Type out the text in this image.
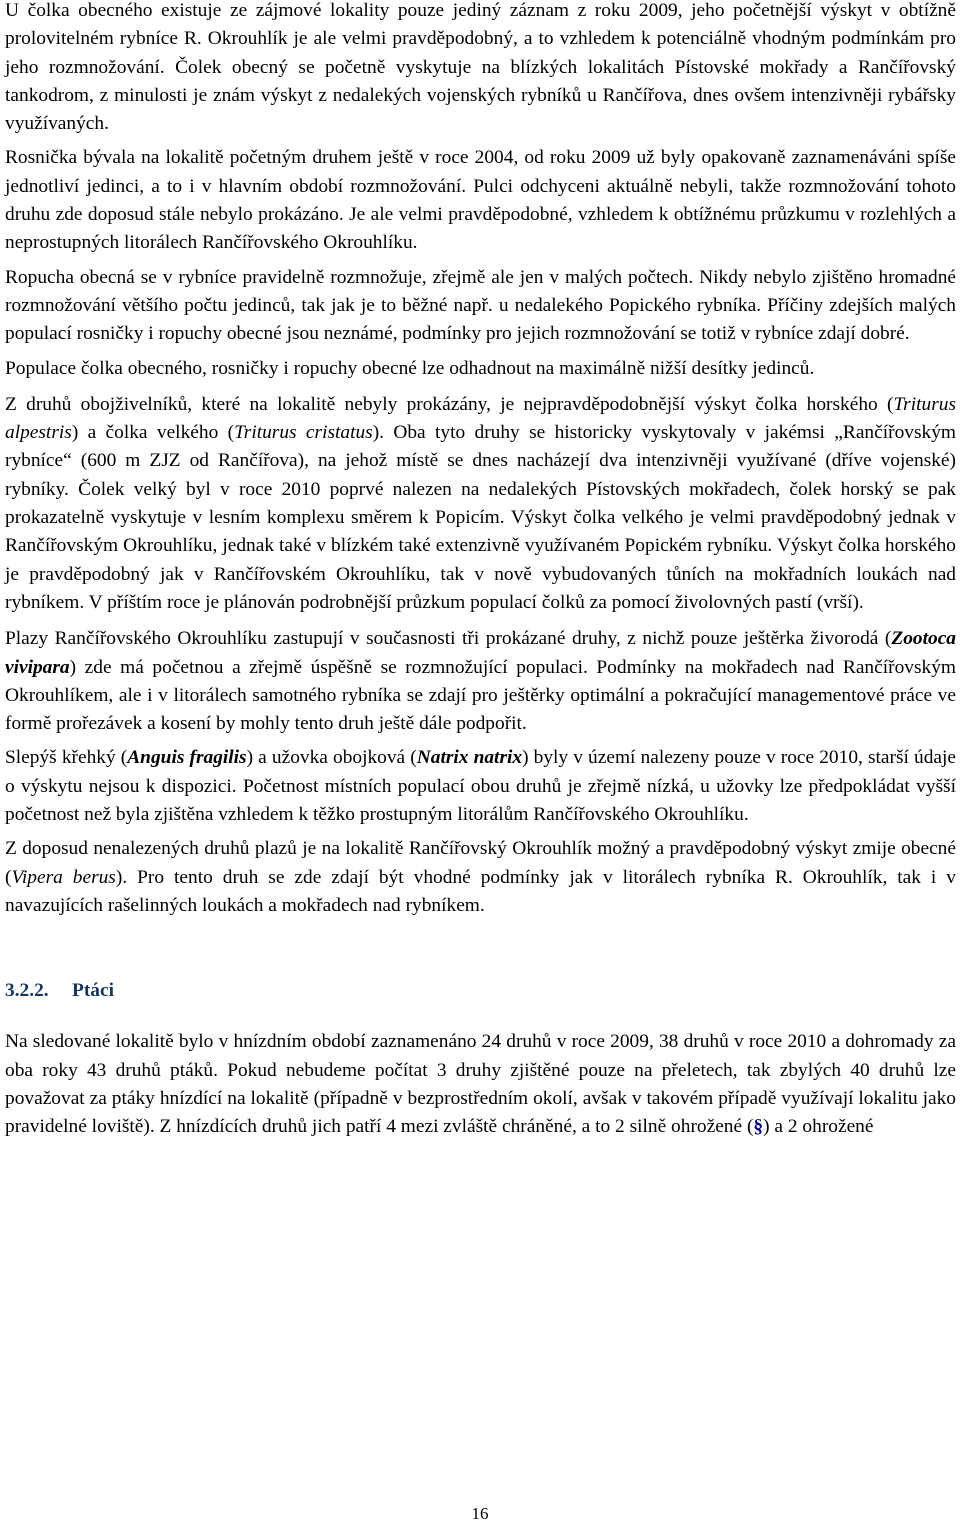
U čolka obecného existuje ze zájmové lokality pouze jediný záznam z roku 2009, jeho početnější výskyt v obtížně prolovitelném rybníce R. Okrouhlík je ale velmi pravděpodobný, a to vzhledem k potenciálně vhodným podmínkám pro jeho rozmnožování. Čolek obecný se početně vyskytuje na blízkých lokalitách Pístovské mokřady a Rančířovský tankodrom, z minulosti je znám výskyt z nedalekých vojenských rybníků u Rančířova, dnes ovšem intenzivněji rybářsky využívaných.

Rosnička bývala na lokalitě početným druhem ještě v roce 2004, od roku 2009 už byly opakovaně zaznamenáváni spíše jednotliví jedinci, a to i v hlavním období rozmnožování. Pulci odchyceni aktuálně nebyli, takže rozmnožování tohoto druhu zde doposud stále nebylo prokázáno. Je ale velmi pravděpodobné, vzhledem k obtížnému průzkumu v rozlehlých a neprostupných litorálech Rančířovského Okrouhlíku.

Ropucha obecná se v rybníce pravidelně rozmnožuje, zřejmě ale jen v malých počtech. Nikdy nebylo zjištěno hromadné rozmnožování většího počtu jedinců, tak jak je to běžné např. u nedalekého Popického rybníka. Příčiny zdejších malých populací rosničky i ropuchy obecné jsou neznámé, podmínky pro jejich rozmnožování se totiž v rybníce zdají dobré.

Populace čolka obecného, rosničky i ropuchy obecné lze odhadnout na maximálně nižší desítky jedinců.

Z druhů obojživelníků, které na lokalitě nebyly prokázány, je nejpravděpodobnější výskyt čolka horského (Triturus alpestris) a čolka velkého (Triturus cristatus). Oba tyto druhy se historicky vyskytovaly v jakémsi „Rančířovským rybníce“ (600 m ZJZ od Rančířova), na jehož místě se dnes nacházejí dva intenzivněji využívané (dříve vojenské) rybníky. Čolek velký byl v roce 2010 poprvé nalezen na nedalekých Pístovských mokřadech, čolek horský se pak prokazatelně vyskytuje v lesním komplexu směrem k Popicím. Výskyt čolka velkého je velmi pravděpodobný jednak v Rančířovským Okrouhlíku, jednak také v blízkém také extenzivně využívaném Popickém rybníku. Výskyt čolka horského je pravděpodobný jak v Rančířovském Okrouhlíku, tak v nově vybudovaných tůních na mokřadních loukách nad rybníkem. V příštím roce je plánován podrobnější průzkum populací čolků za pomocí živolovných pastí (vrší).

Plazy Rančířovského Okrouhlíku zastupují v současnosti tři prokázané druhy, z nichž pouze ještěrka živorodá (Zootoca vivipara) zde má početnou a zřejmě úspěšně se rozmnožující populaci. Podmínky na mokřadech nad Rančířovským Okrouhlíkem, ale i v litorálech samotného rybníka se zdají pro ještěrky optimální a pokračující managementové práce ve formě prořezávek a kosení by mohly tento druh ještě dále podpořit.

Slepýš křehký (Anguis fragilis) a užovka obojková (Natrix natrix) byly v území nalezeny pouze v roce 2010, starší údaje o výskytu nejsou k dispozici. Početnost místních populací obou druhů je zřejmě nízká, u užovky lze předpokládat vyšší početnost než byla zjištěna vzhledem k těžko prostupným litorálům Rančířovského Okrouhlíku.

Z doposud nenalezených druhů plazů je na lokalitě Rančířovský Okrouhlík možný a pravděpodobný výskyt zmije obecné (Vipera berus). Pro tento druh se zde zdají být vhodné podmínky jak v litorálech rybníka R. Okrouhlík, tak i v navazujících rašelinných loukách a mokřadech nad rybníkem.

3.2.2. Ptáci

Na sledované lokalitě bylo v hnízdním období zaznamenáno 24 druhů v roce 2009, 38 druhů v roce 2010 a dohromady za oba roky 43 druhů ptáků. Pokud nebudeme počítat 3 druhy zjištěné pouze na přeletech, tak zbylých 40 druhů lze považovat za ptáky hnízdící na lokalitě (případně v bezprostředním okolí, avšak v takovém případě využívají lokalitu jako pravidelné loviště). Z hnízdících druhů jich patří 4 mezi zvláště chráněné, a to 2 silně ohrožené (§) a 2 ohrožené

16
